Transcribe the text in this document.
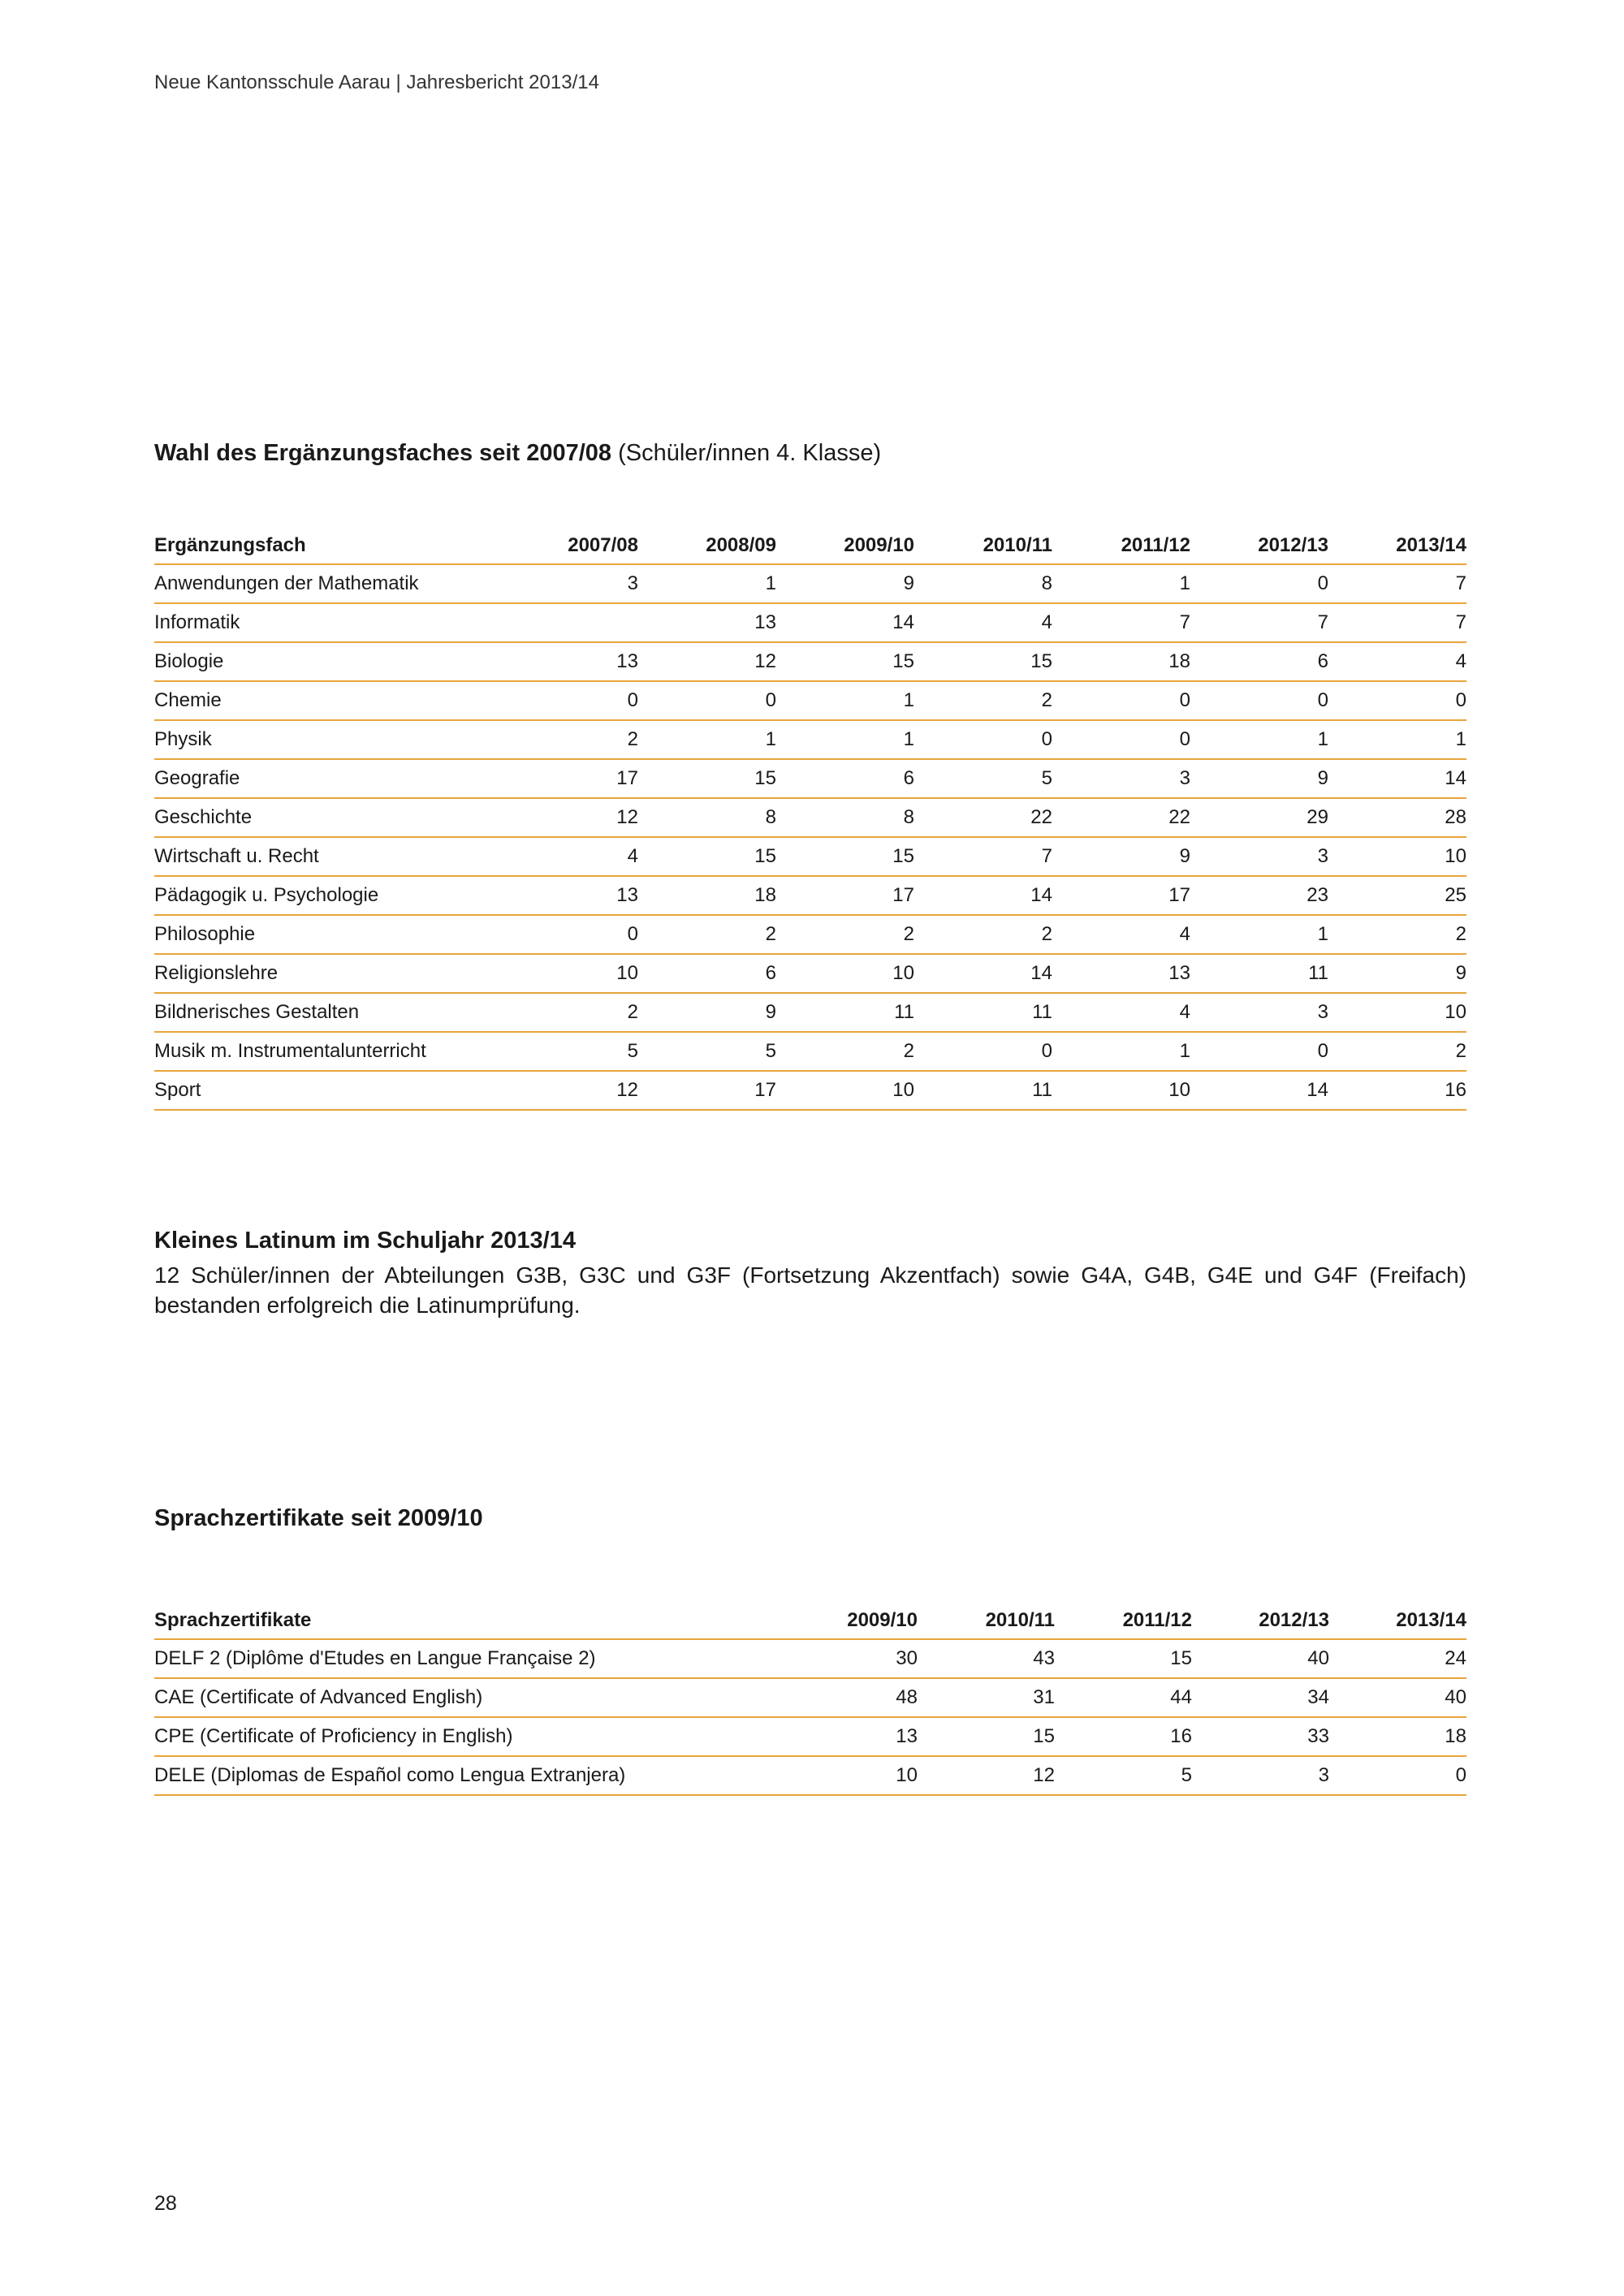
Neue Kantonsschule Aarau | Jahresbericht 2013/14
Wahl des Ergänzungsfaches seit 2007/08 (Schüler/innen 4. Klasse)
Ergänzungsfach	2007/08	2008/09	2009/10	2010/11	2011/12	2012/13	2013/14
Anwendungen der Mathematik	3	1	9	8	1	0	7
Informatik		13	14	4	7	7	7
Biologie	13	12	15	15	18	6	4
Chemie	0	0	1	2	0	0	0
Physik	2	1	1	0	0	1	1
Geografie	17	15	6	5	3	9	14
Geschichte	12	8	8	22	22	29	28
Wirtschaft u. Recht	4	15	15	7	9	3	10
Pädagogik u. Psychologie	13	18	17	14	17	23	25
Philosophie	0	2	2	2	4	1	2
Religionslehre	10	6	10	14	13	11	9
Bildnerisches Gestalten	2	9	11	11	4	3	10
Musik m. Instrumentalunterricht	5	5	2	0	1	0	2
Sport	12	17	10	11	10	14	16
Kleines Latinum im Schuljahr 2013/14
12 Schüler/innen der Abteilungen G3B, G3C und G3F (Fortsetzung Akzentfach) sowie G4A, G4B, G4E und G4F (Freifach) bestanden erfolgreich die Latinumprüfung.
Sprachzertifikate seit 2009/10
Sprachzertifikate	2009/10	2010/11	2011/12	2012/13	2013/14
DELF 2 (Diplôme d'Etudes en Langue Française 2)	30	43	15	40	24
CAE (Certificate of Advanced English)	48	31	44	34	40
CPE (Certificate of Proficiency in English)	13	15	16	33	18
DELE (Diplomas de Español como Lengua Extranjera)	10	12	5	3	0
28
